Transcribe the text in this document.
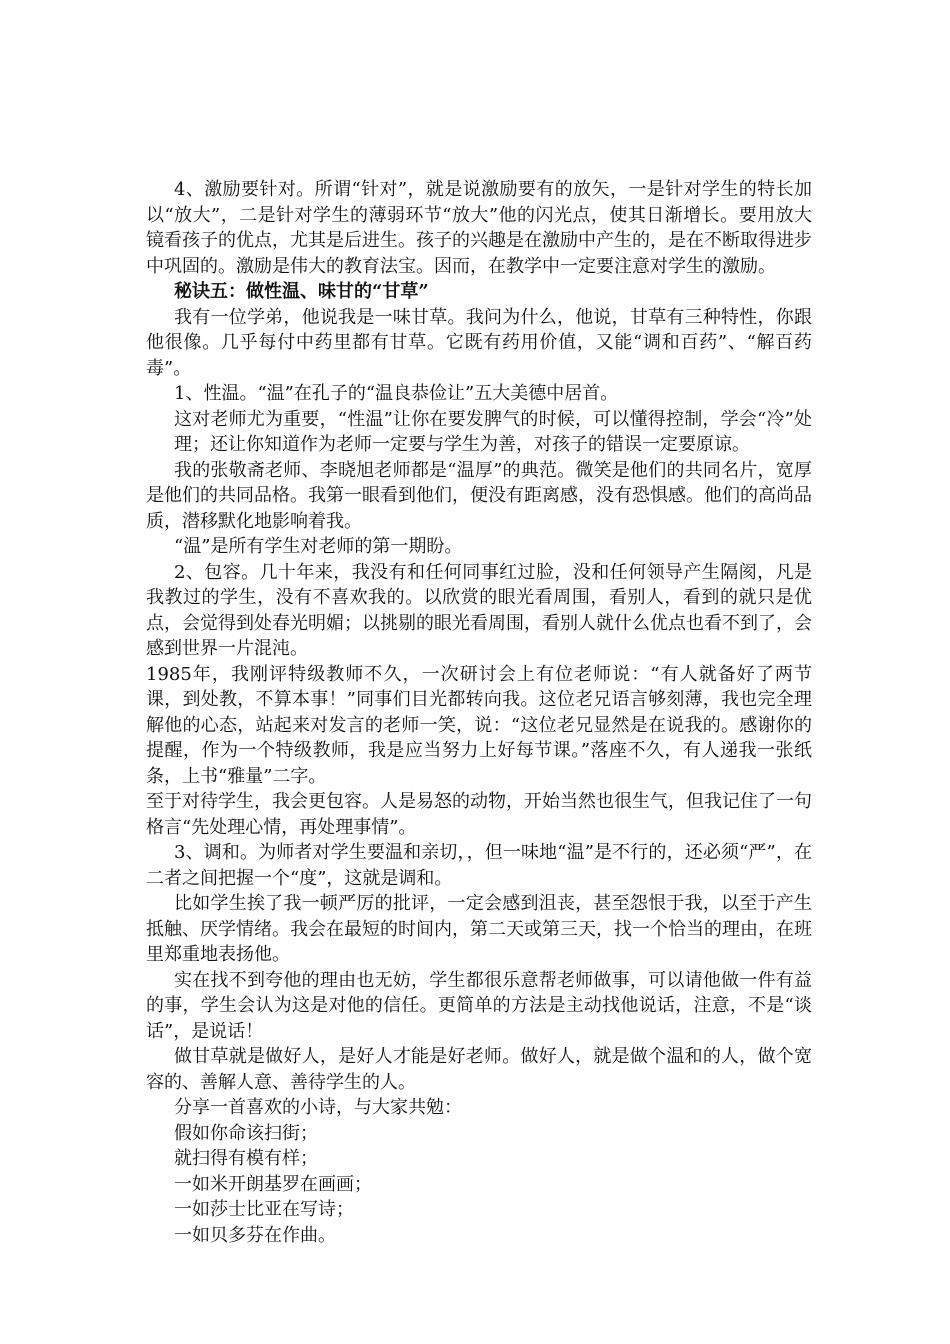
4、激励要针对。所谓“针对”，就是说激励要有的放矢，一是针对学生的特长加以“放大”，二是针对学生的薄弱环节“放大”他的闪光点，使其日渐增长。要用放大镜看孩子的优点，尤其是后进生。孩子的兴趣是在激励中产生的，是在不断取得进步中巩固的。激励是伟大的教育法宝。因而，在教学中一定要注意对学生的激励。

秘诀五：做性温、味甘的“甘草”

我有一位学弟，他说我是一味甘草。我问为什么，他说，甘草有三种特性，你跟他很像。几乎每付中药里都有甘草。它既有药用价值，又能“调和百药”、“解百药毒”。

1、性温。“温”在孔子的“温良恭俭让”五大美德中居首。

这对老师尤为重要，“性温”让你在要发脾气的时候，可以懂得控制，学会“冷”处理；还让你知道作为老师一定要与学生为善，对孩子的错误一定要原谅。

我的张敬斋老师、李晓旭老师都是“温厚”的典范。微笑是他们的共同名片，宽厚是他们的共同品格。我第一眼看到他们，便没有距离感，没有恐惧感。他们的高尚品质，潜移默化地影响着我。

“温”是所有学生对老师的第一期盼。

2、包容。几十年来，我没有和任何同事红过脸，没和任何领导产生隔阂，凡是我教过的学生，没有不喜欢我的。以欣赏的眼光看周围，看别人，看到的就只是优点，会觉得到处春光明媚；以挑剔的眼光看周围，看别人就什么优点也看不到了，会感到世界一片混沌。

1985年，我刚评特级教师不久，一次研讨会上有位老师说：“有人就备好了两节课，到处教，不算本事！”同事们目光都转向我。这位老兄语言够刻薄，我也完全理解他的心态，站起来对发言的老师一笑，说：“这位老兄显然是在说我的。感谢你的提醒，作为一个特级教师，我是应当努力上好每节课。”落座不久，有人递我一张纸条，上书“雅量”二字。

至于对待学生，我会更包容。人是易怒的动物，开始当然也很生气，但我记住了一句格言“先处理心情，再处理事情”。

3、调和。为师者对学生要温和亲切，，但一味地“温”是不行的，还必须“严”，在二者之间把握一个“度”，这就是调和。

比如学生挨了我一顿严厉的批评，一定会感到沮丧，甚至怨恨于我，以至于产生抵触、厌学情绪。我会在最短的时间内，第二天或第三天，找一个恰当的理由，在班里郑重地表扬他。

实在找不到夸他的理由也无妨，学生都很乐意帮老师做事，可以请他做一件有益的事，学生会认为这是对他的信任。更简单的方法是主动找他说话，注意，不是“谈话”，是说话！

做甘草就是做好人，是好人才能是好老师。做好人，就是做个温和的人，做个宽容的、善解人意、善待学生的人。

分享一首喜欢的小诗，与大家共勉：

假如你命该扫街；

就扫得有模有样；

一如米开朗基罗在画画；

一如莎士比亚在写诗；

一如贝多芬在作曲。
